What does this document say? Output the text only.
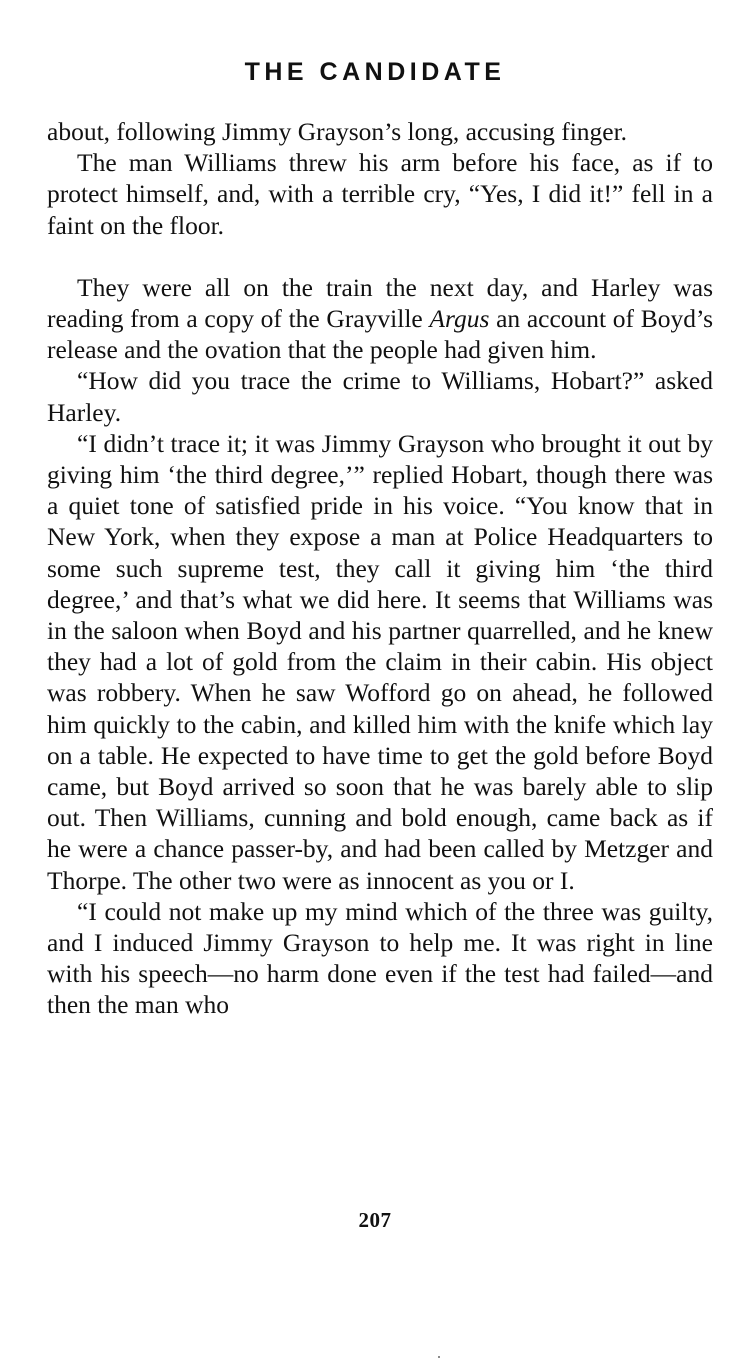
THE CANDIDATE

about, following Jimmy Grayson’s long, accusing finger.

The man Williams threw his arm before his face, as if to protect himself, and, with a terrible cry, “Yes, I did it!” fell in a faint on the floor.

They were all on the train the next day, and Harley was reading from a copy of the Grayville Argus an account of Boyd’s release and the ovation that the people had given him.

“How did you trace the crime to Williams, Hobart?” asked Harley.

“I didn’t trace it; it was Jimmy Grayson who brought it out by giving him ‘the third degree,’” replied Hobart, though there was a quiet tone of satisfied pride in his voice. “You know that in New York, when they expose a man at Police Headquarters to some such supreme test, they call it giving him ‘the third degree,’ and that’s what we did here. It seems that Williams was in the saloon when Boyd and his partner quarrelled, and he knew they had a lot of gold from the claim in their cabin. His object was robbery. When he saw Wofford go on ahead, he followed him quickly to the cabin, and killed him with the knife which lay on a table. He expected to have time to get the gold before Boyd came, but Boyd arrived so soon that he was barely able to slip out. Then Williams, cunning and bold enough, came back as if he were a chance passer-by, and had been called by Metzger and Thorpe. The other two were as innocent as you or I.

“I could not make up my mind which of the three was guilty, and I induced Jimmy Grayson to help me. It was right in line with his speech—no harm done even if the test had failed—and then the man who

207
